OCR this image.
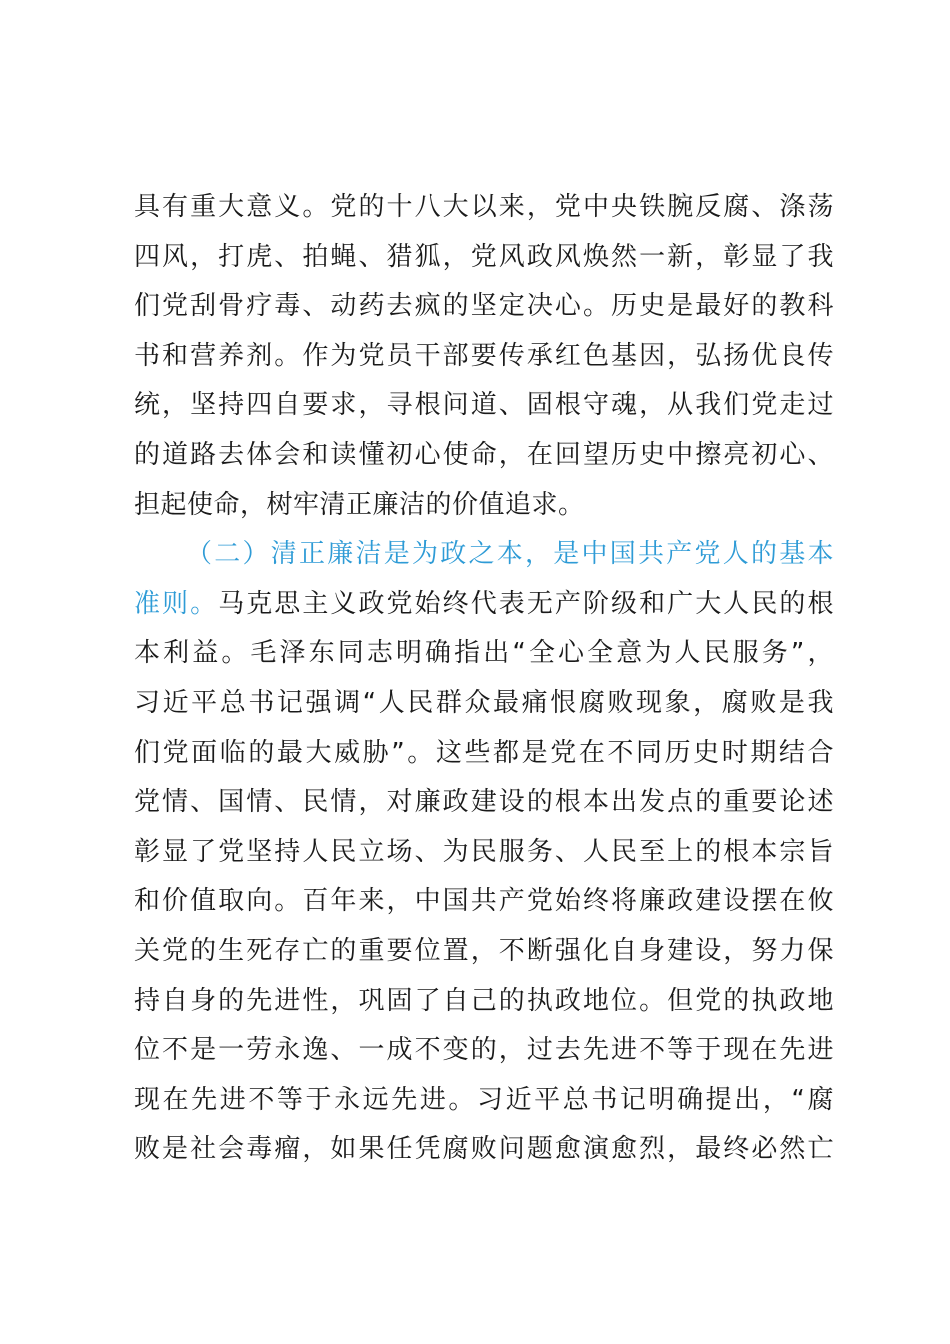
具有重大意义。党的十八大以来，党中央铁腕反腐、涤荡
四风，打虎、拍蝇、猎狐，党风政风焕然一新，彰显了我
们党刮骨疗毒、动药去疯的坚定决心。历史是最好的教科
书和营养剂。作为党员干部要传承红色基因，弘扬优良传
统，坚持四自要求，寻根问道、固根守魂，从我们党走过
的道路去体会和读懂初心使命，在回望历史中擦亮初心、
担起使命，树牢清正廉洁的价值追求。
（二）清正廉洁是为政之本，是中国共产党人的基本
准则。马克思主义政党始终代表无产阶级和广大人民的根
本利益。毛泽东同志明确指出“全心全意为人民服务”，
习近平总书记强调“人民群众最痛恨腐败现象，腐败是我
们党面临的最大威胁”。这些都是党在不同历史时期结合
党情、国情、民情，对廉政建设的根本出发点的重要论述
彰显了党坚持人民立场、为民服务、人民至上的根本宗旨
和价值取向。百年来，中国共产党始终将廉政建设摆在攸
关党的生死存亡的重要位置，不断强化自身建设，努力保
持自身的先进性，巩固了自己的执政地位。但党的执政地
位不是一劳永逸、一成不变的，过去先进不等于现在先进
现在先进不等于永远先进。习近平总书记明确提出，“腐
败是社会毒瘤，如果任凭腐败问题愈演愈烈，最终必然亡
